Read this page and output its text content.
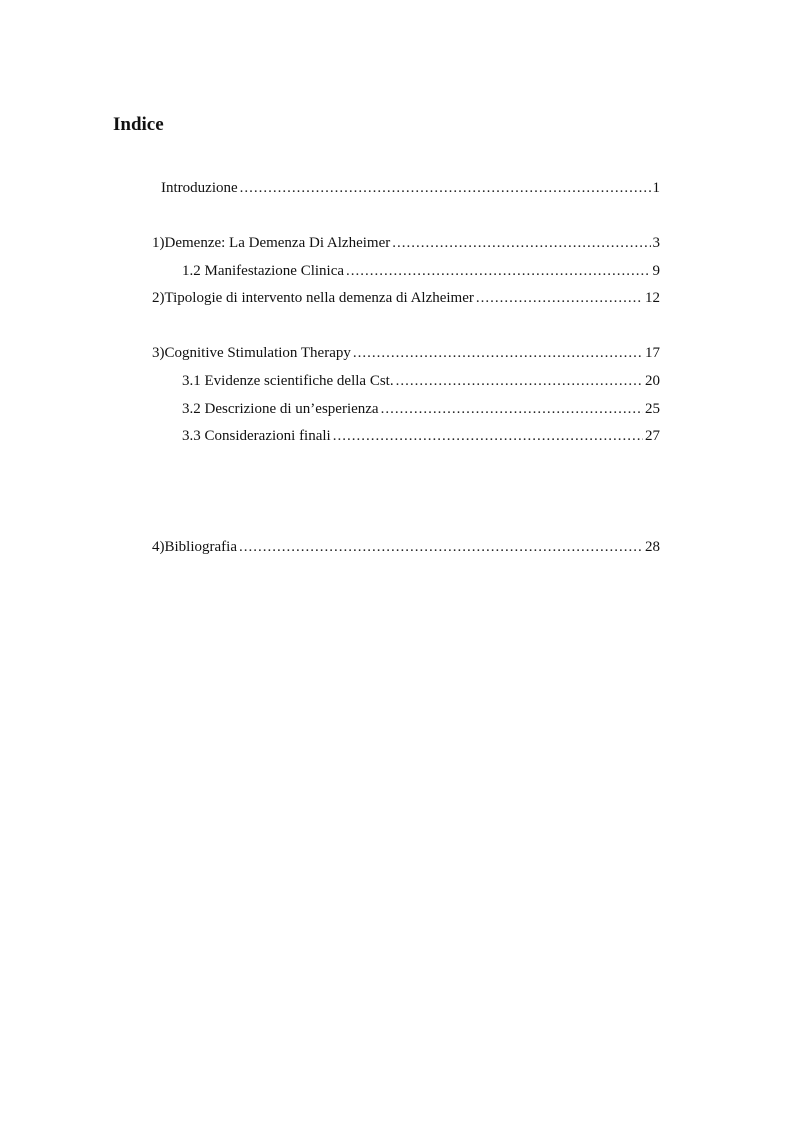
Indice
Introduzione .....	1
1) Demenze: La Demenza Di Alzheimer .....	3
1.2 Manifestazione Clinica .....	9
2) Tipologie di intervento nella demenza di Alzheimer .....	12
3) Cognitive Stimulation Therapy .....	17
3.1 Evidenze scientifiche della Cst. .....	20
3.2 Descrizione di un’esperienza .....	25
3.3 Considerazioni finali .....	27
4) Bibliografia .....	28
